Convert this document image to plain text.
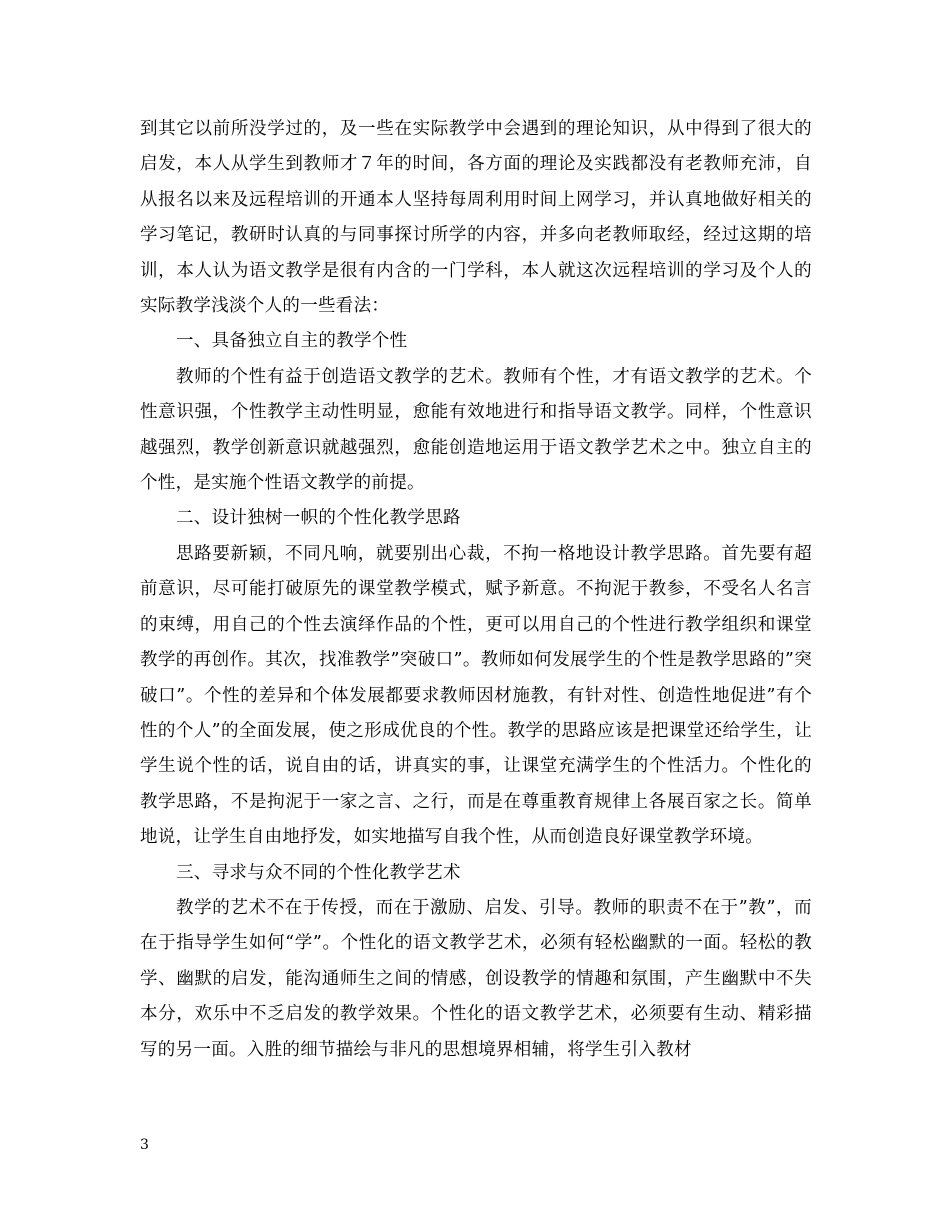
到其它以前所没学过的，及一些在实际教学中会遇到的理论知识，从中得到了很大的启发，本人从学生到教师才７年的时间，各方面的理论及实践都没有老教师充沛，自从报名以来及远程培训的开通本人坚持每周利用时间上网学习，并认真地做好相关的学习笔记，教研时认真的与同事探讨所学的内容，并多向老教师取经，经过这期的培训，本人认为语文教学是很有内含的一门学科，本人就这次远程培训的学习及个人的实际教学浅淡个人的一些看法：

一、具备独立自主的教学个性

教师的个性有益于创造语文教学的艺术。教师有个性，才有语文教学的艺术。个性意识强，个性教学主动性明显，愈能有效地进行和指导语文教学。同样，个性意识越强烈，教学创新意识就越强烈，愈能创造地运用于语文教学艺术之中。独立自主的个性，是实施个性语文教学的前提。

二、设计独树一帜的个性化教学思路

思路要新颖，不同凡响，就要别出心裁，不拘一格地设计教学思路。首先要有超前意识，尽可能打破原先的课堂教学模式，赋予新意。不拘泥于教参，不受名人名言的束缚，用自己的个性去演绎作品的个性，更可以用自己的个性进行教学组织和课堂教学的再创作。其次，找准教学”突破口”。教师如何发展学生的个性是教学思路的”突破口”。个性的差异和个体发展都要求教师因材施教，有针对性、创造性地促进”有个性的个人”的全面发展，使之形成优良的个性。教学的思路应该是把课堂还给学生，让学生说个性的话，说自由的话，讲真实的事，让课堂充满学生的个性活力。个性化的教学思路，不是拘泥于一家之言、之行，而是在尊重教育规律上各展百家之长。简单地说，让学生自由地抒发，如实地描写自我个性，从而创造良好课堂教学环境。

三、寻求与众不同的个性化教学艺术

教学的艺术不在于传授，而在于激励、启发、引导。教师的职责不在于”教”，而在于指导学生如何“学”。个性化的语文教学艺术，必须有轻松幽默的一面。轻松的教学、幽默的启发，能沟通师生之间的情感，创设教学的情趣和氛围，产生幽默中不失本分，欢乐中不乏启发的教学效果。个性化的语文教学艺术，必须要有生动、精彩描写的另一面。入胜的细节描绘与非凡的思想境界相辅，将学生引入教材

3
